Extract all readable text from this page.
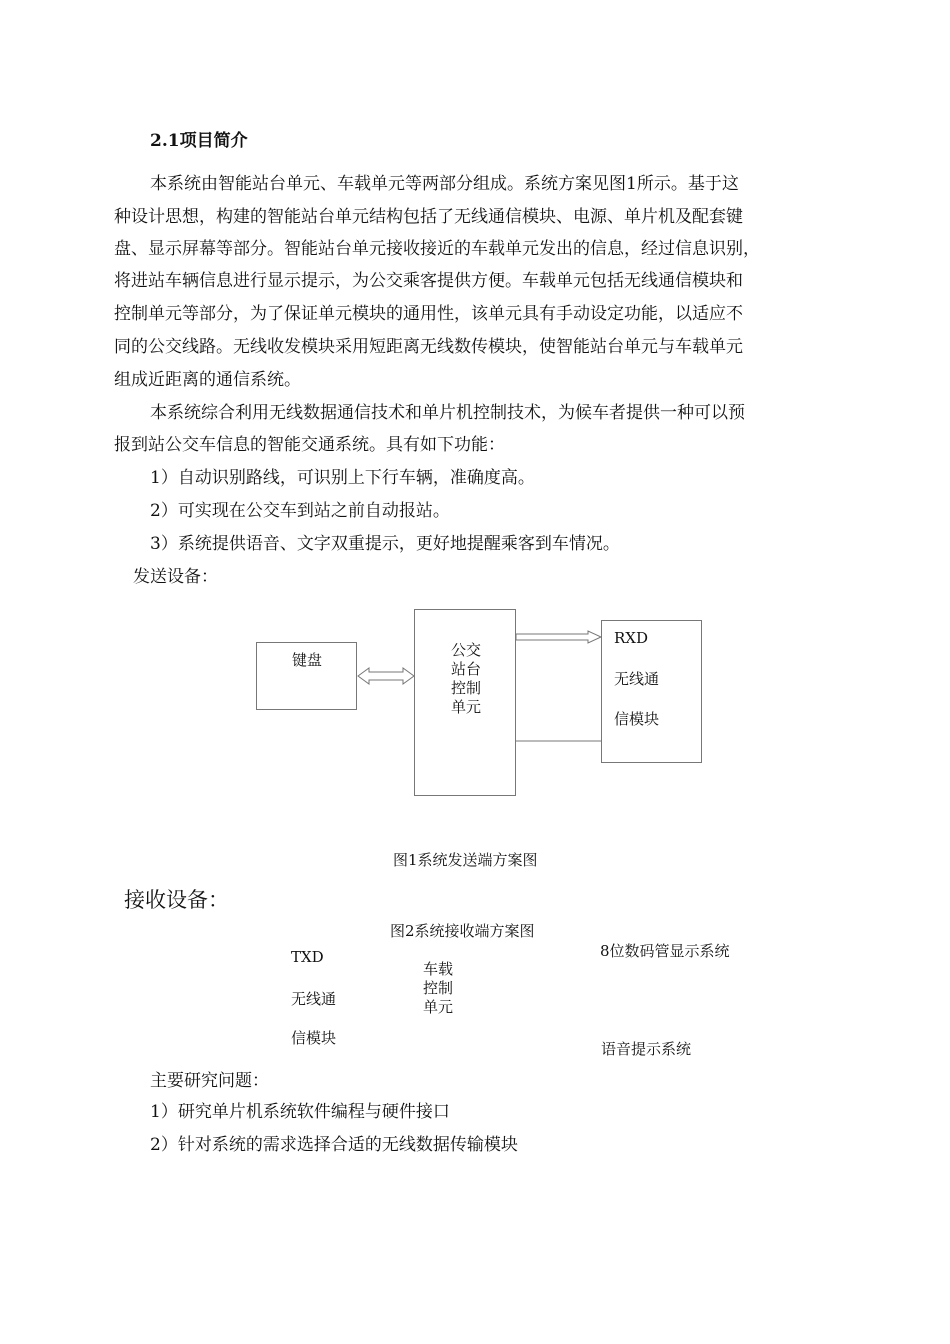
2.1项目简介
本系统由智能站台单元、车载单元等两部分组成。系统方案见图1所示。基于这
种设计思想，构建的智能站台单元结构包括了无线通信模块、电源、单片机及配套键
盘、显示屏幕等部分。智能站台单元接收接近的车载单元发出的信息，经过信息识别，
将进站车辆信息进行显示提示，为公交乘客提供方便。车载单元包括无线通信模块和
控制单元等部分，为了保证单元模块的通用性，该单元具有手动设定功能，以适应不
同的公交线路。无线收发模块采用短距离无线数传模块，使智能站台单元与车载单元
组成近距离的通信系统。
本系统综合利用无线数据通信技术和单片机控制技术，为候车者提供一种可以预
报到站公交车信息的智能交通系统。具有如下功能：
1）自动识别路线，可识别上下行车辆，准确度高。
2）可实现在公交车到站之前自动报站。
3）系统提供语音、文字双重提示，更好地提醒乘客到车情况。
发送设备：
键盘
公交
站台
控制
单元
RXD
无线通
信模块
图1系统发送端方案图
接收设备：
图2系统接收端方案图
TXD
无线通
信模块
车载
控制
单元
8位数码管显示系统
语音提示系统
主要研究问题：
1）研究单片机系统软件编程与硬件接口
2）针对系统的需求选择合适的无线数据传输模块
